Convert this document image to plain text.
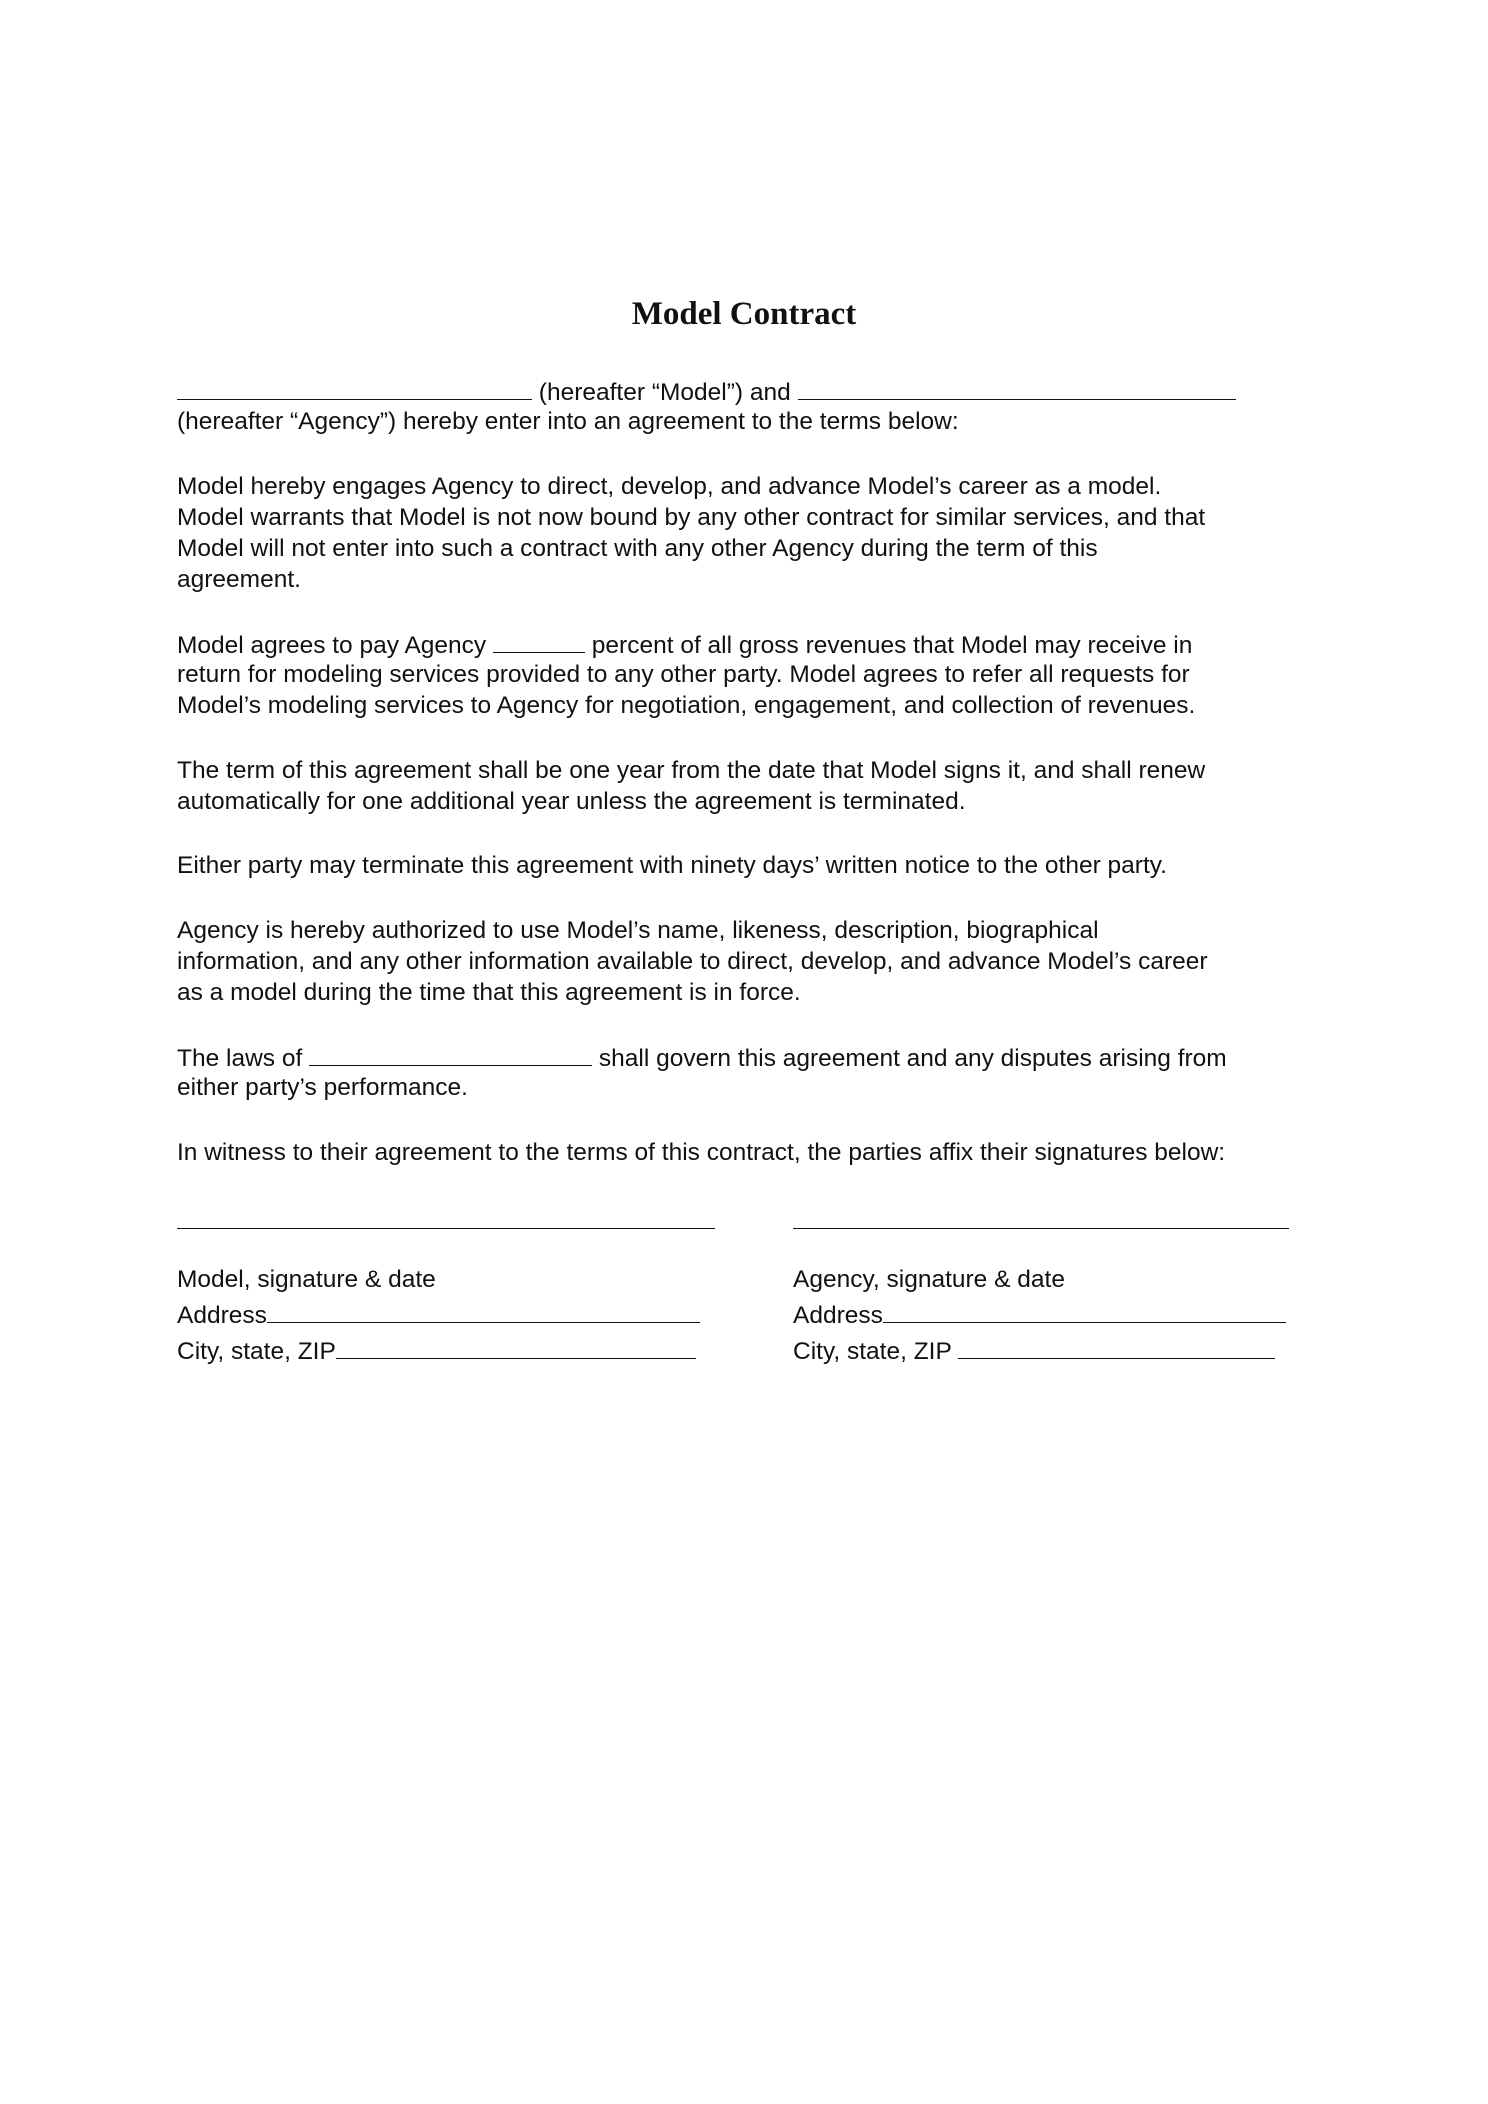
Model Contract
(hereafter “Model”) and
(hereafter “Agency”) hereby enter into an agreement to the terms below:
Model hereby engages Agency to direct, develop, and advance Model’s career as a model.
Model warrants that Model is not now bound by any other contract for similar services, and that
Model will not enter into such a contract with any other Agency during the term of this
agreement.
Model agrees to pay Agency	percent of all gross revenues that Model may receive in
return for modeling services provided to any other party. Model agrees to refer all requests for
Model’s modeling services to Agency for negotiation, engagement, and collection of revenues.
The term of this agreement shall be one year from the date that Model signs it, and shall renew
automatically for one additional year unless the agreement is terminated.
Either party may terminate this agreement with ninety days’ written notice to the other party.
Agency is hereby authorized to use Model’s name, likeness, description, biographical
information, and any other information available to direct, develop, and advance Model’s career
as a model during the time that this agreement is in force.
The laws of	shall govern this agreement and any disputes arising from
either party’s performance.
In witness to their agreement to the terms of this contract, the parties affix their signatures below:
Model, signature & date
Address
City, state, ZIP
Agency, signature & date
Address
City, state, ZIP
